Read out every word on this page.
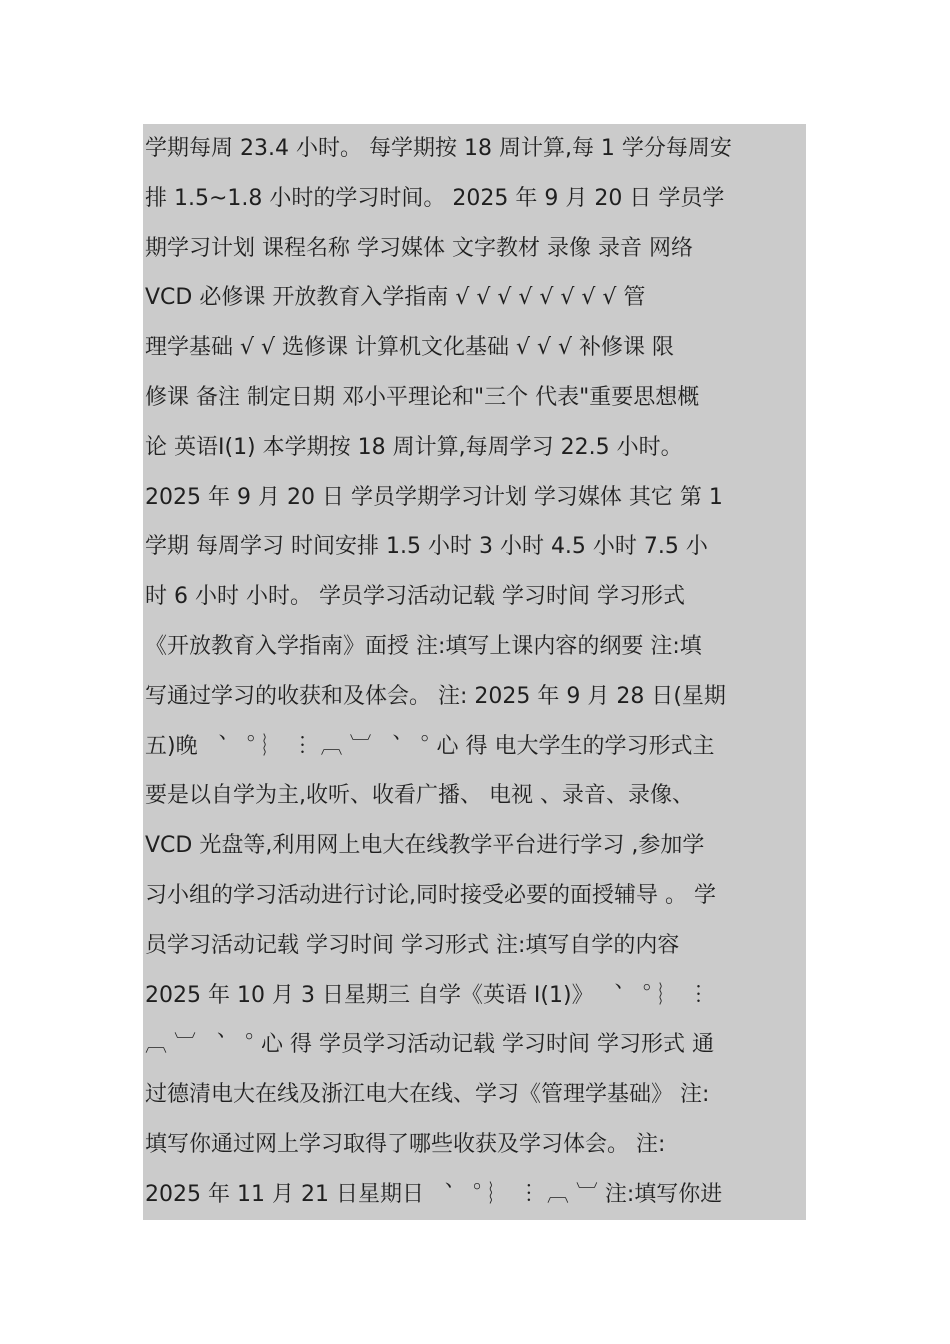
学期每周 23.4 小时。 每学期按 18 周计算,每 1 学分每周安
排 1.5~1.8 小时的学习时间。 2025 年 9 月 20 日 学员学
期学习计划 课程名称 学习媒体 文字教材 录像 录音 网络
VCD 必修课 开放教育入学指南 √ √ √ √ √ √ √ √ 管
理学基础 √ √ 选修课 计算机文化基础 √ √ √ 补修课 限
修课 备注 制定日期 邓小平理论和"三个 代表"重要思想概
论 英语Ⅰ(1) 本学期按 18 周计算,每周学习 22.5 小时。
2025 年 9 月 20 日 学员学期学习计划 学习媒体 其它 第 1
学期 每周学习 时间安排 1.5 小时 3 小时 4.5 小时 7.5 小
时 6 小时 小时。 学员学习活动记载 学习时间 学习形式
《开放教育入学指南》面授 注:填写上课内容的纲要 注:填
写通过学习的收获和及体会。 注: 2025 年 9 月 28 日(星期
五)晚 ︑ ︒ ︴ ︙ ︹ ︺ ︑ ︒ 心 得 电大学生的学习形式主
要是以自学为主,收听、收看广播、 电视 、录音、录像、
VCD 光盘等,利用网上电大在线教学平台进行学习 ,参加学
习小组的学习活动进行讨论,同时接受必要的面授辅导 。 学
员学习活动记载 学习时间 学习形式 注:填写自学的内容
2025 年 10 月 3 日星期三 自学《英语 I(1)》 ︑ ︒ ︴ ︙
︹ ︺ ︑ ︒ 心 得 学员学习活动记载 学习时间 学习形式 通
过德清电大在线及浙江电大在线、学习《管理学基础》 注:
填写你通过网上学习取得了哪些收获及学习体会。 注:
2025 年 11 月 21 日星期日 ︑ ︒ ︴ ︙ ︹ ︺ 注:填写你进
